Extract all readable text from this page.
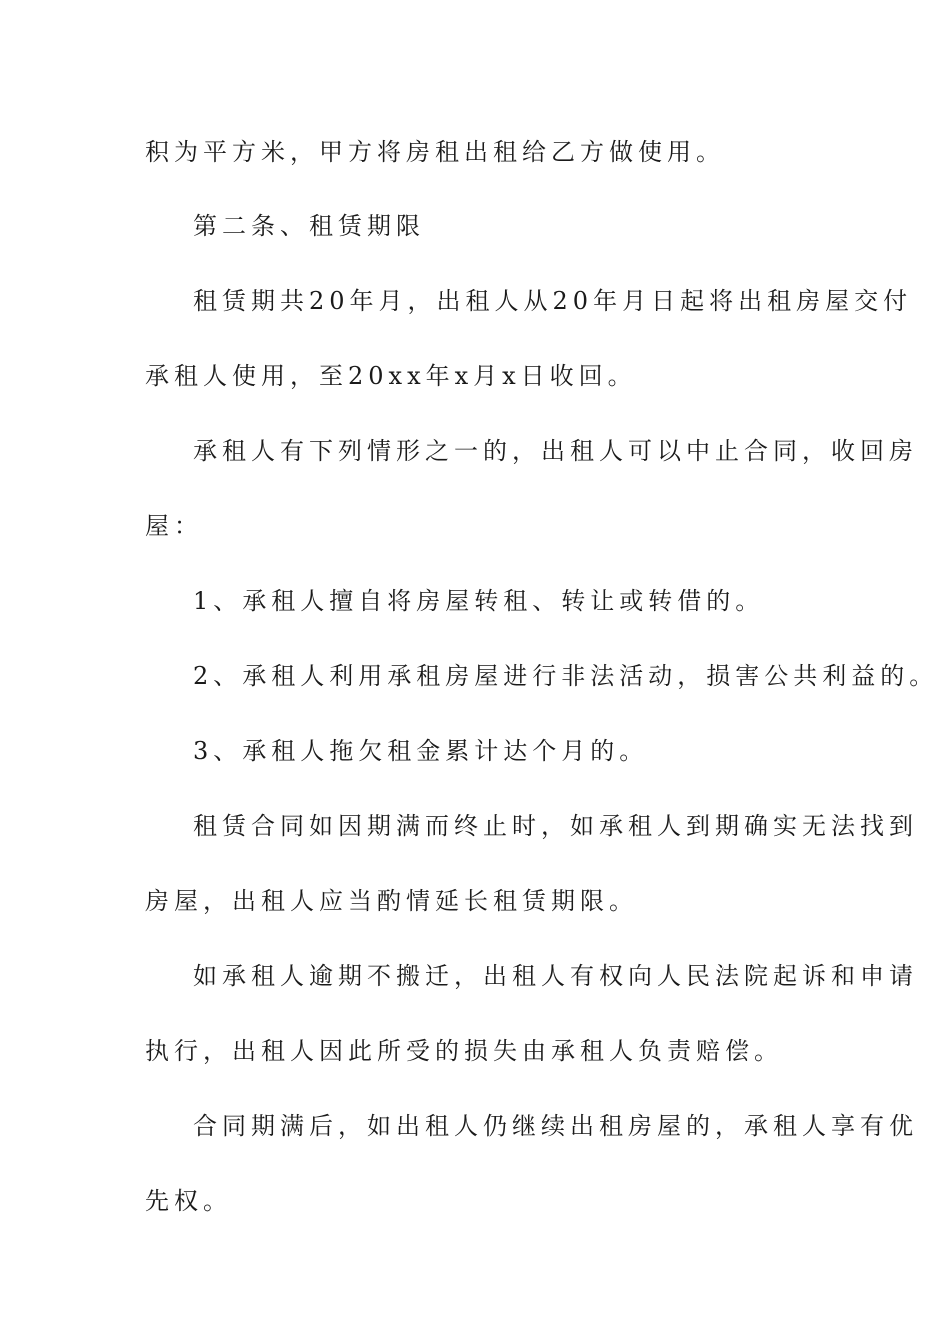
积为平方米，甲方将房租出租给乙方做使用。
第二条、租赁期限
租赁期共20年月，出租人从20年月日起将出租房屋交付
承租人使用，至20xx年x月x日收回。
承租人有下列情形之一的，出租人可以中止合同，收回房
屋：
1、承租人擅自将房屋转租、转让或转借的。
2、承租人利用承租房屋进行非法活动，损害公共利益的。
3、承租人拖欠租金累计达个月的。
租赁合同如因期满而终止时，如承租人到期确实无法找到
房屋，出租人应当酌情延长租赁期限。
如承租人逾期不搬迁，出租人有权向人民法院起诉和申请
执行，出租人因此所受的损失由承租人负责赔偿。
合同期满后，如出租人仍继续出租房屋的，承租人享有优
先权。
